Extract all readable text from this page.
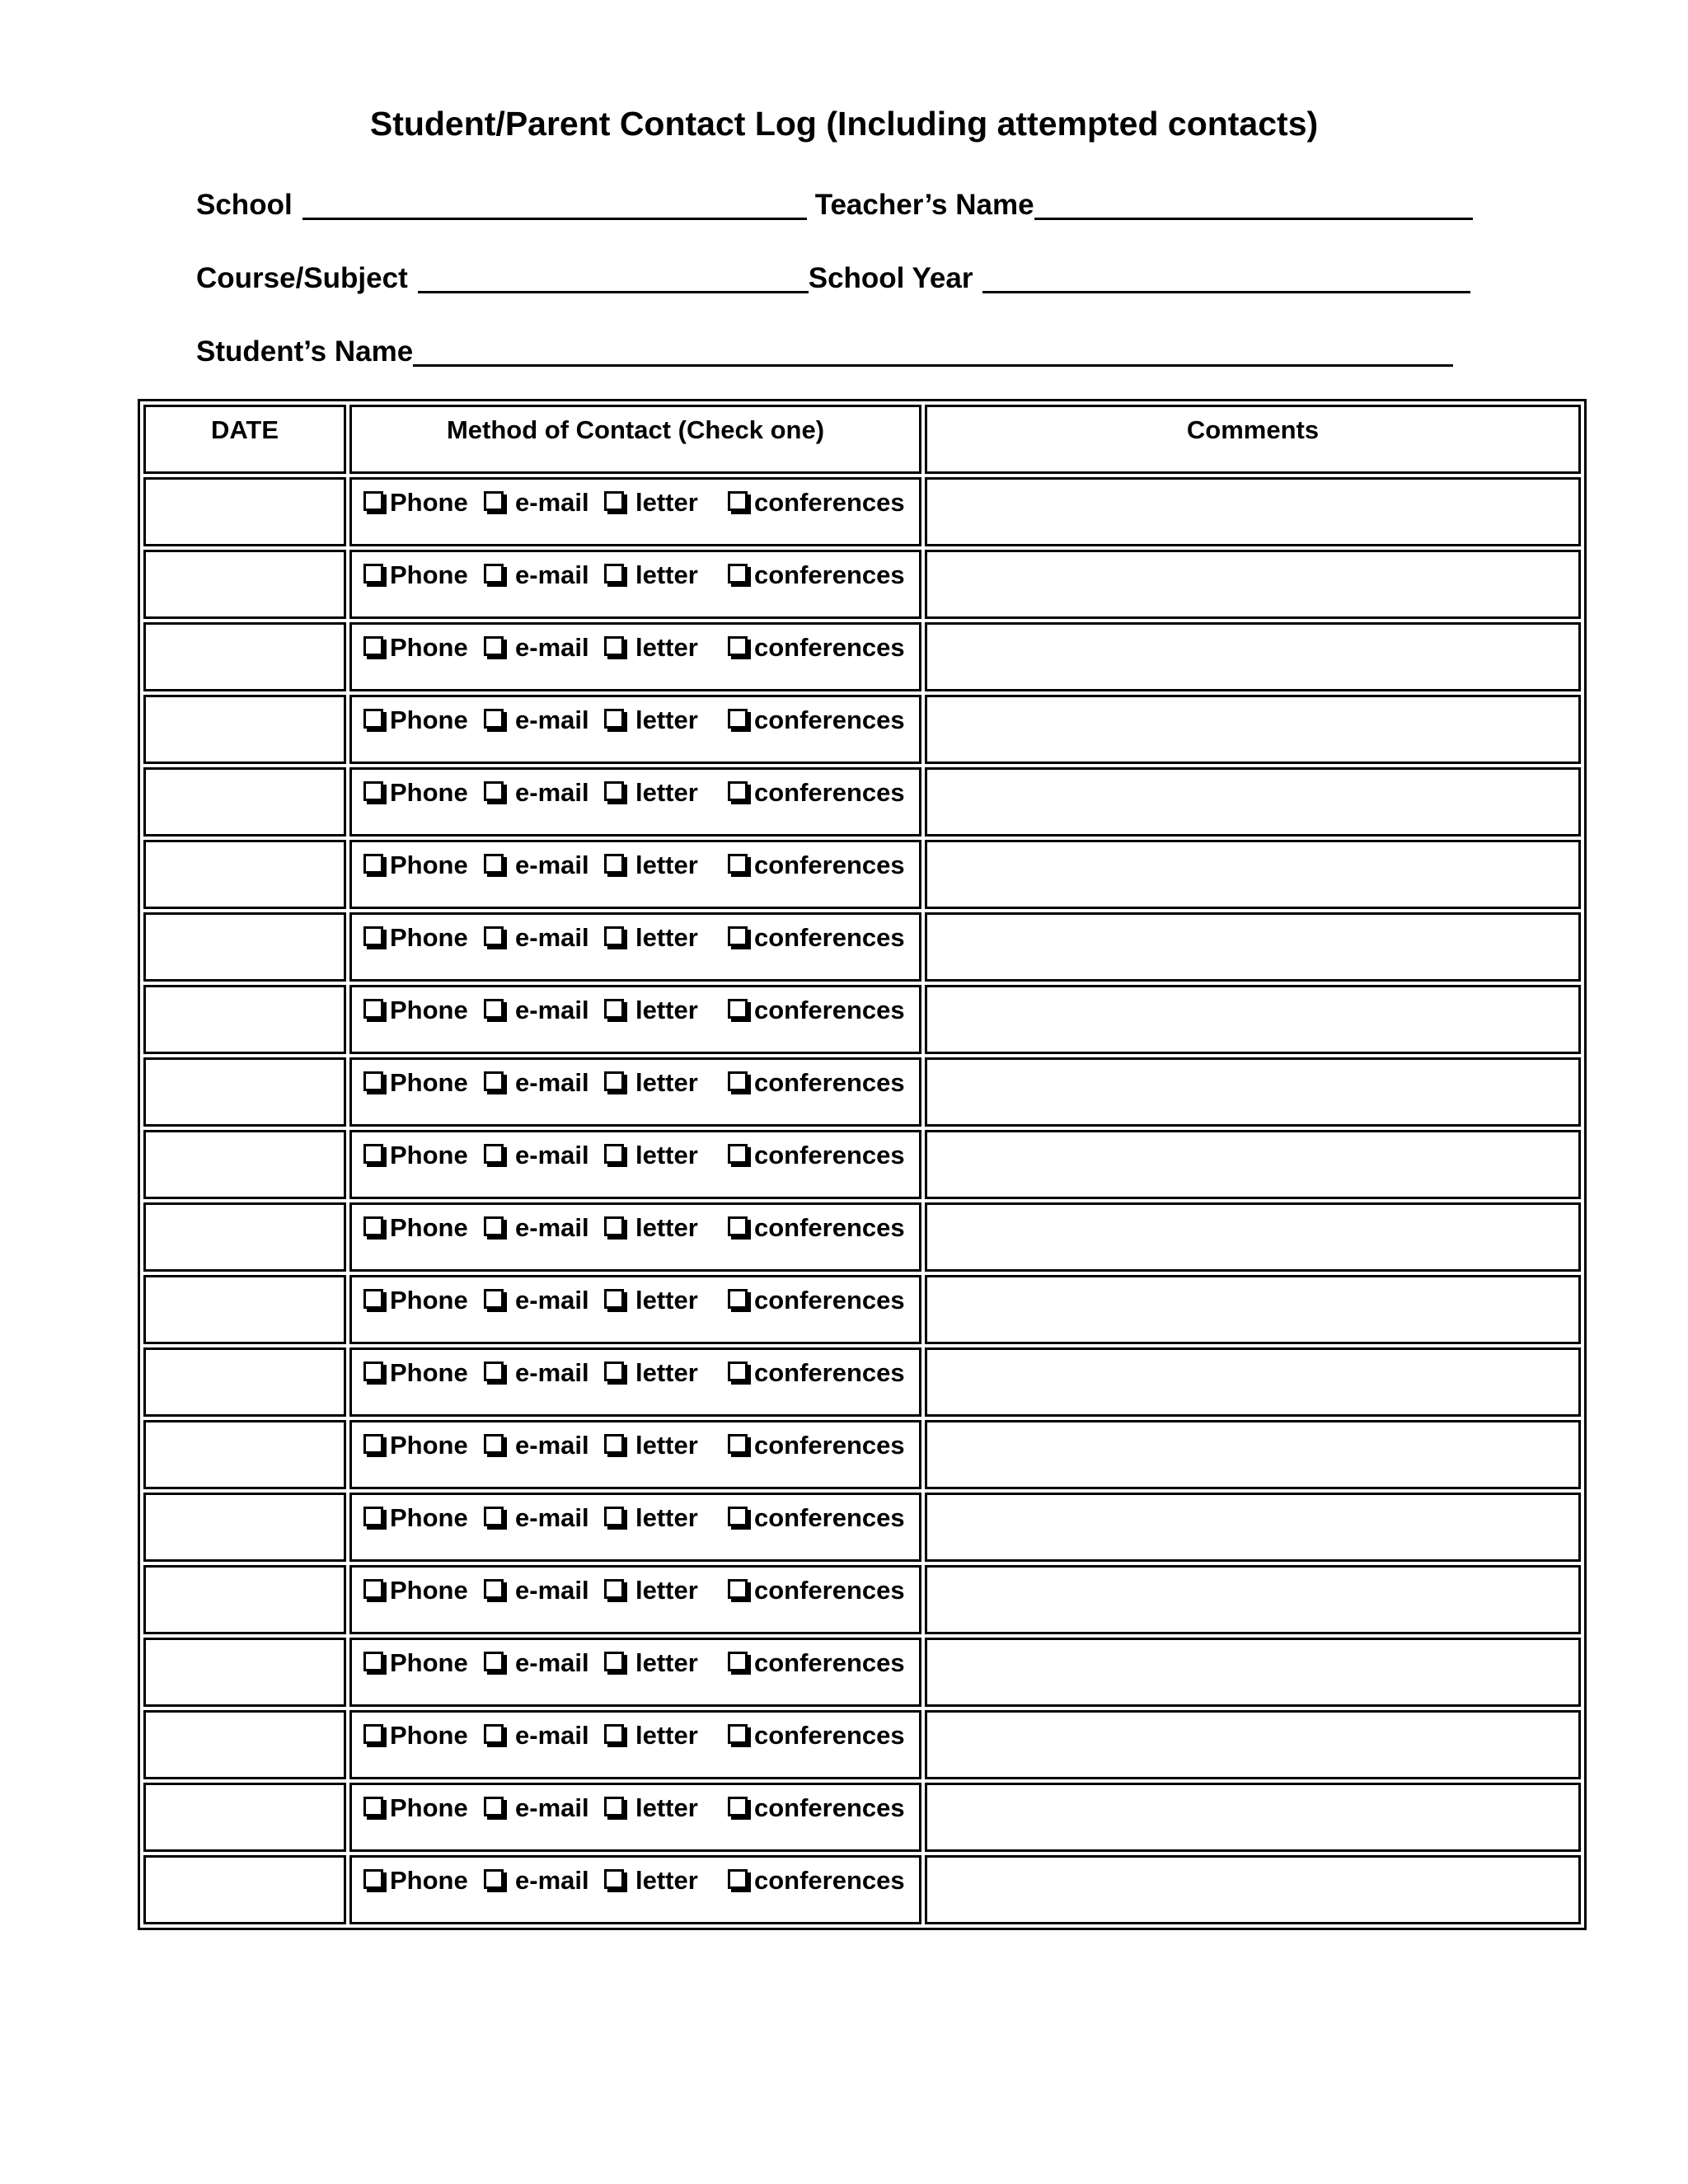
Student/Parent Contact Log (Including attempted contacts)
School	Teacher’s Name
Course/Subject	School Year
Student’s Name
DATE	Method of Contact (Check one)	Comments

	Phone e-mail letter conferences	

	Phone e-mail letter conferences	

	Phone e-mail letter conferences	

	Phone e-mail letter conferences	

	Phone e-mail letter conferences	

	Phone e-mail letter conferences	

	Phone e-mail letter conferences	

	Phone e-mail letter conferences	

	Phone e-mail letter conferences	

	Phone e-mail letter conferences	

	Phone e-mail letter conferences	

	Phone e-mail letter conferences	

	Phone e-mail letter conferences	

	Phone e-mail letter conferences	

	Phone e-mail letter conferences	

	Phone e-mail letter conferences	

	Phone e-mail letter conferences	

	Phone e-mail letter conferences	

	Phone e-mail letter conferences	

	Phone e-mail letter conferences	
